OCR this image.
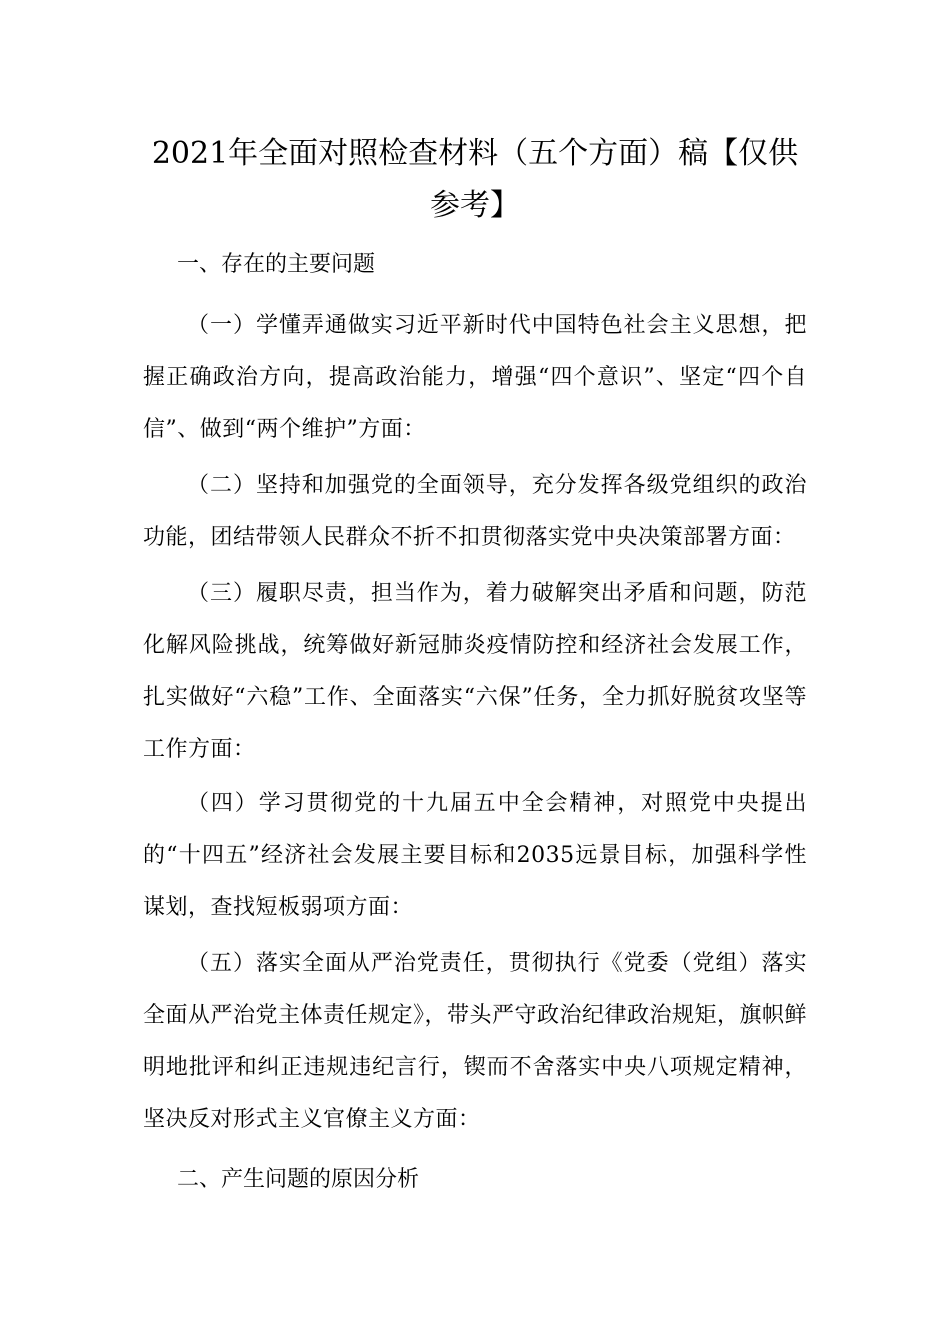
2021年全面对照检查材料（五个方面）稿【仅供参考】
一、存在的主要问题

（一）学懂弄通做实习近平新时代中国特色社会主义思想，把握正确政治方向，提高政治能力，增强“四个意识”、坚定“四个自信”、做到“两个维护”方面：

（二）坚持和加强党的全面领导，充分发挥各级党组织的政治功能，团结带领人民群众不折不扣贯彻落实党中央决策部署方面：

（三）履职尽责，担当作为，着力破解突出矛盾和问题，防范化解风险挑战，统筹做好新冠肺炎疫情防控和经济社会发展工作，扎实做好“六稳”工作、全面落实“六保”任务，全力抓好脱贫攻坚等工作方面：

（四）学习贯彻党的十九届五中全会精神，对照党中央提出的“十四五”经济社会发展主要目标和2035远景目标，加强科学性谋划，查找短板弱项方面：

（五）落实全面从严治党责任，贯彻执行《党委（党组）落实全面从严治党主体责任规定》，带头严守政治纪律政治规矩，旗帜鲜明地批评和纠正违规违纪言行，锲而不舍落实中央八项规定精神，坚决反对形式主义官僚主义方面：

二、产生问题的原因分析
